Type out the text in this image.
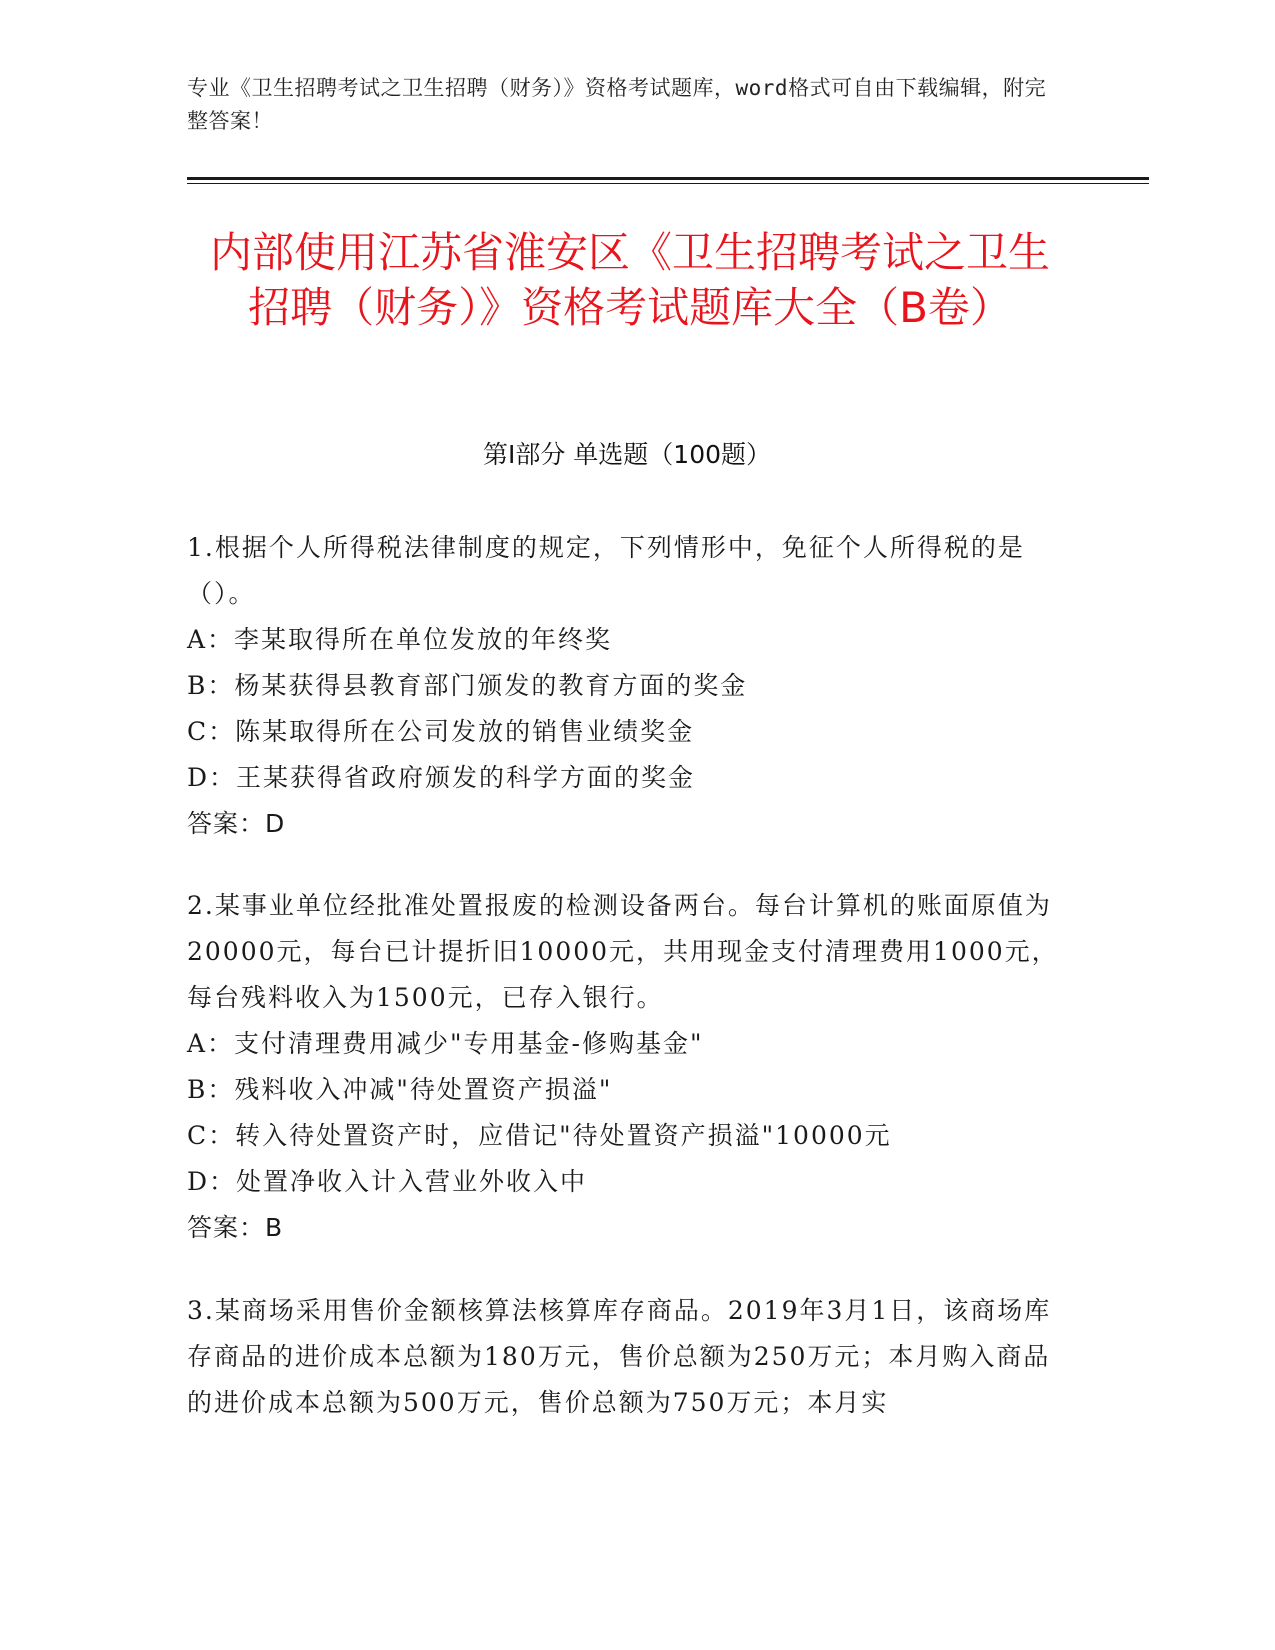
专业《卫生招聘考试之卫生招聘（财务）》资格考试题库，word格式可自由下载编辑，附完整答案！
内部使用江苏省淮安区《卫生招聘考试之卫生招聘（财务）》资格考试题库大全（B卷）
第Ⅰ部分 单选题（100题）

1.根据个人所得税法律制度的规定，下列情形中，免征个人所得税的是（）。

A：李某取得所在单位发放的年终奖

B：杨某获得县教育部门颁发的教育方面的奖金

C：陈某取得所在公司发放的销售业绩奖金

D：王某获得省政府颁发的科学方面的奖金

答案：D

2.某事业单位经批准处置报废的检测设备两台。每台计算机的账面原值为20000元，每台已计提折旧10000元，共用现金支付清理费用1000元，每台残料收入为1500元，已存入银行。

A：支付清理费用减少"专用基金-修购基金"

B：残料收入冲减"待处置资产损溢"

C：转入待处置资产时，应借记"待处置资产损溢"10000元

D：处置净收入计入营业外收入中

答案：B

3.某商场采用售价金额核算法核算库存商品。2019年3月1日，该商场库存商品的进价成本总额为180万元，售价总额为250万元；本月购入商品的进价成本总额为500万元，售价总额为750万元；本月实
